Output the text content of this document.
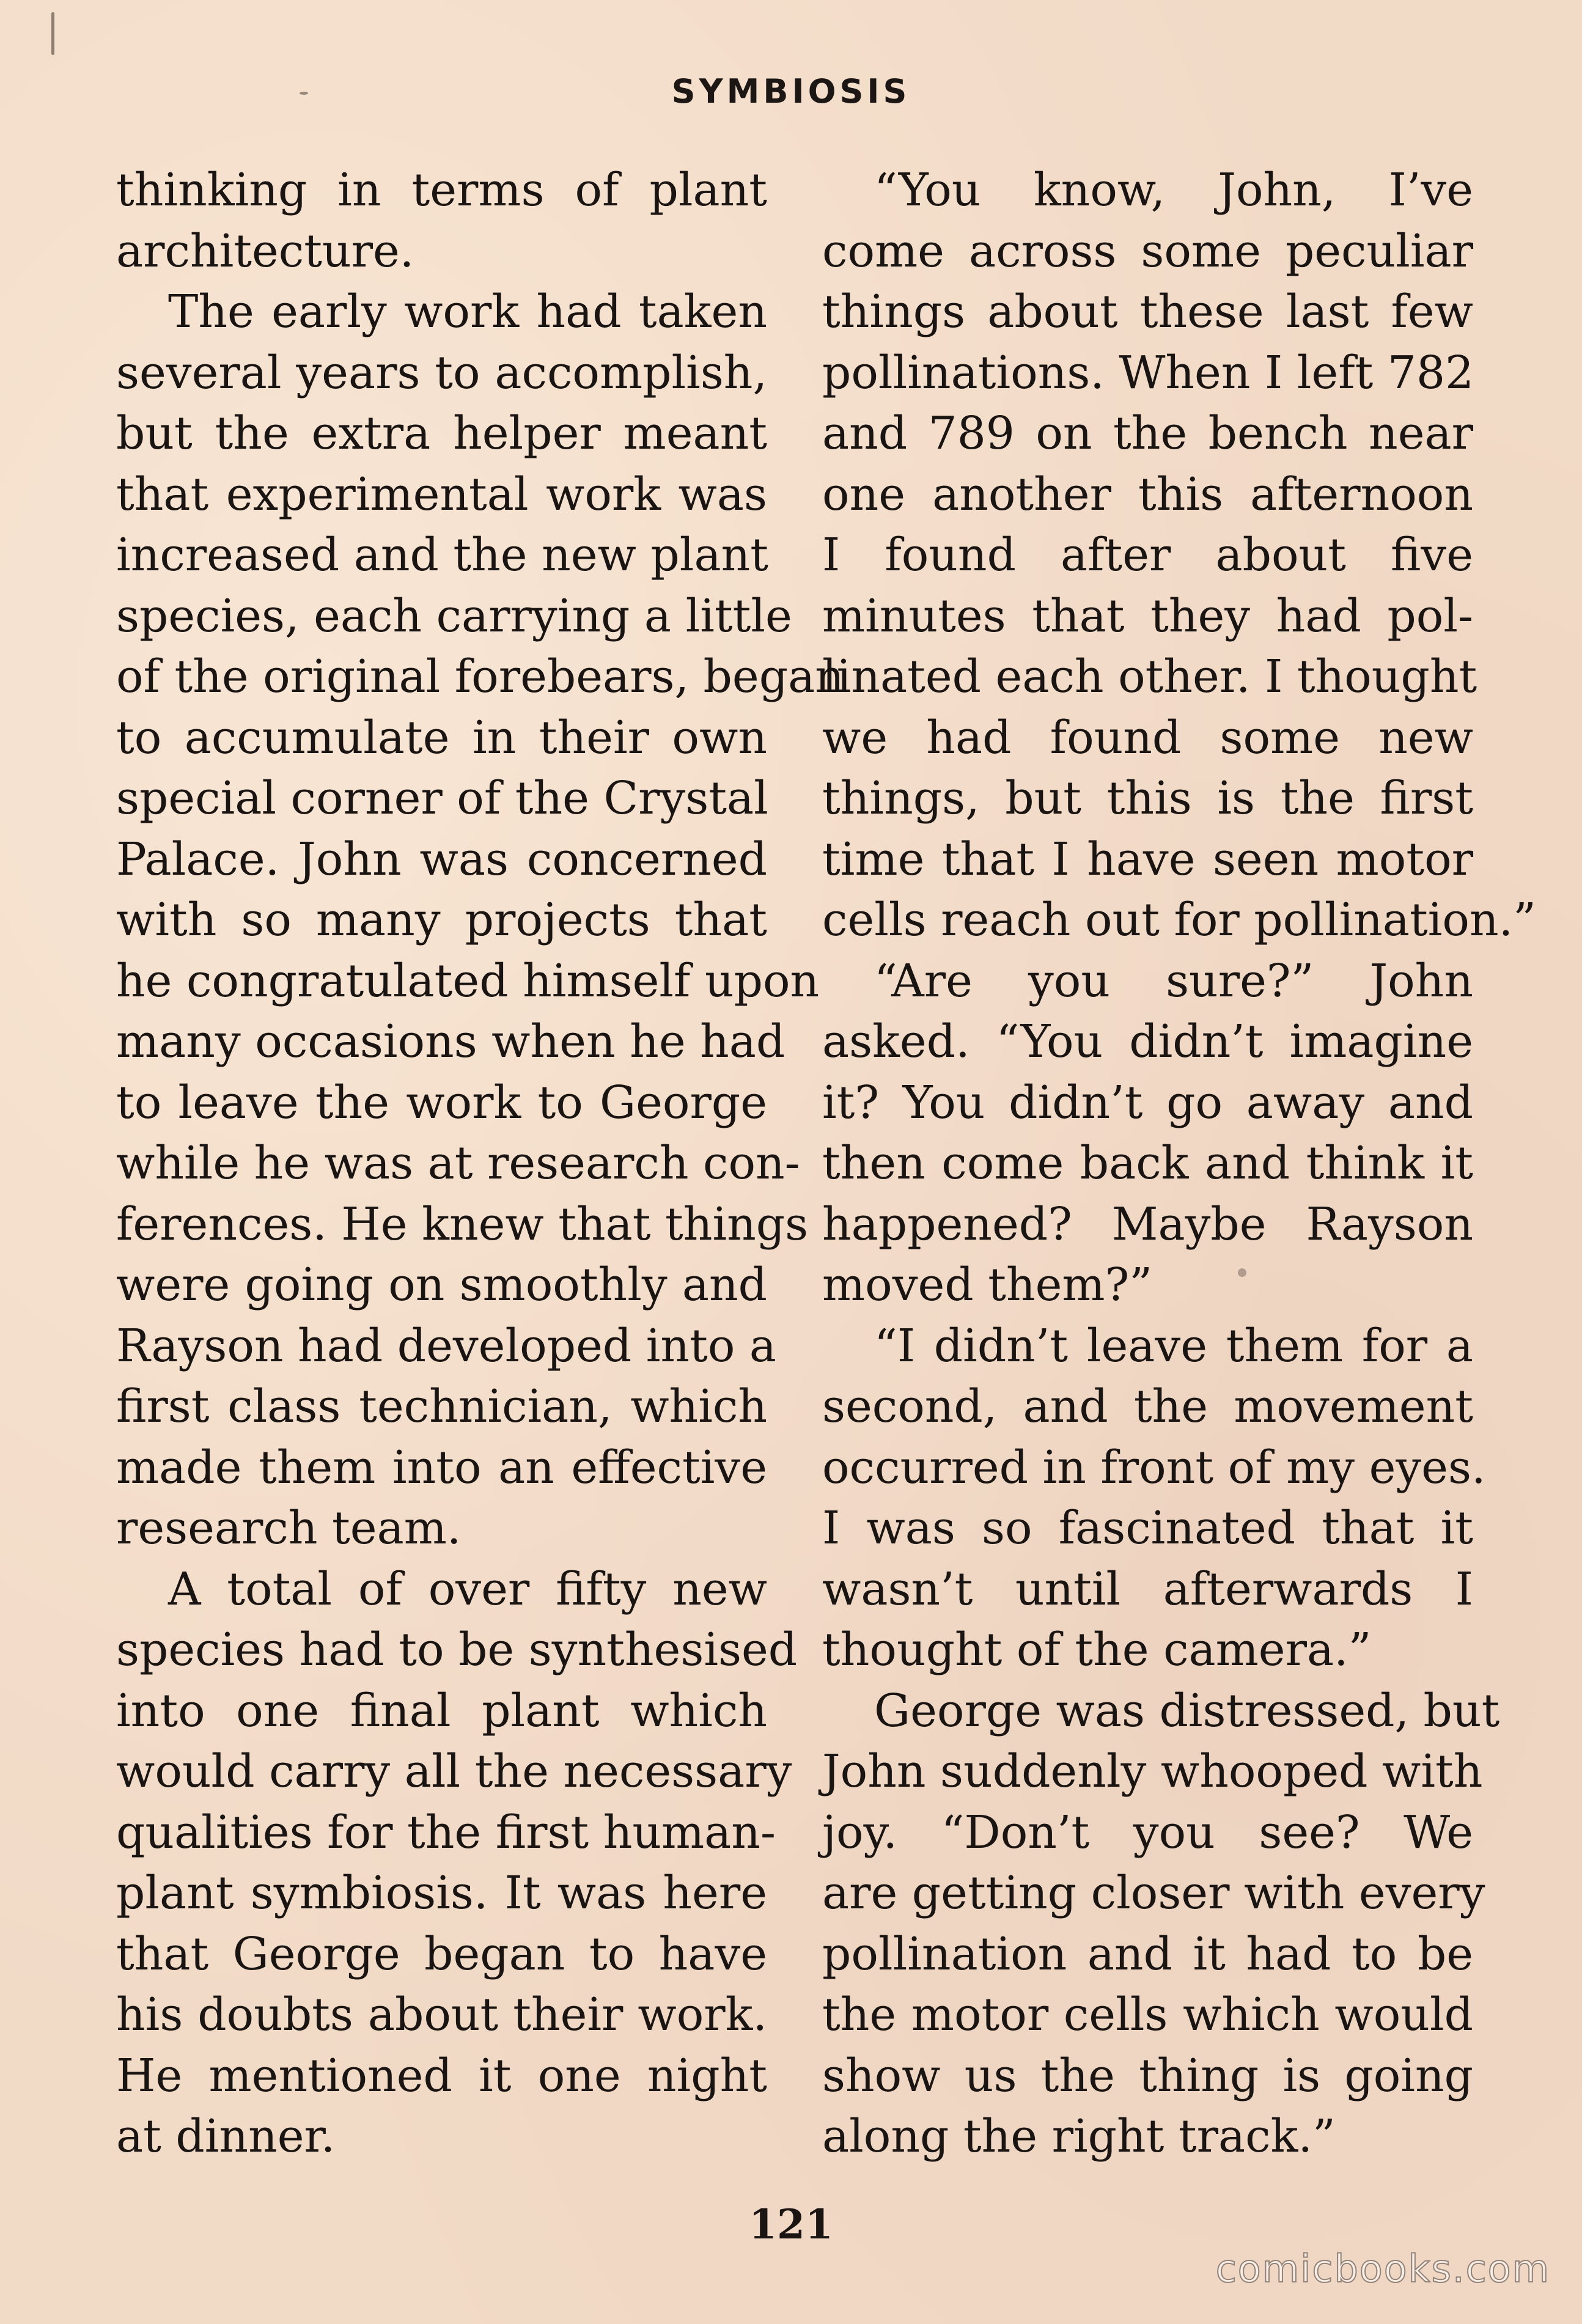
SYMBIOSIS
thinking in terms of plant
architecture.
The early work had taken
several years to accomplish,
but the extra helper meant
that experimental work was
increased and the new plant
species, each carrying a little
of the original forebears, began
to accumulate in their own
special corner of the Crystal
Palace. John was concerned
with so many projects that
he congratulated himself upon
many occasions when he had
to leave the work to George
while he was at research con-
ferences. He knew that things
were going on smoothly and
Rayson had developed into a
first class technician, which
made them into an effective
research team.
A total of over fifty new
species had to be synthesised
into one final plant which
would carry all the necessary
qualities for the first human-
plant symbiosis. It was here
that George began to have
his doubts about their work.
He mentioned it one night
at dinner.
“You know, John, I’ve
come across some peculiar
things about these last few
pollinations. When I left 782
and 789 on the bench near
one another this afternoon
I found after about five
minutes that they had pol-
linated each other. I thought
we had found some new
things, but this is the first
time that I have seen motor
cells reach out for pollination.”
“Are you sure?” John
asked. “You didn’t imagine
it? You didn’t go away and
then come back and think it
happened? Maybe Rayson
moved them?”
“I didn’t leave them for a
second, and the movement
occurred in front of my eyes.
I was so fascinated that it
wasn’t until afterwards I
thought of the camera.”
George was distressed, but
John suddenly whooped with
joy. “Don’t you see? We
are getting closer with every
pollination and it had to be
the motor cells which would
show us the thing is going
along the right track.”
121
comicbooks.com
